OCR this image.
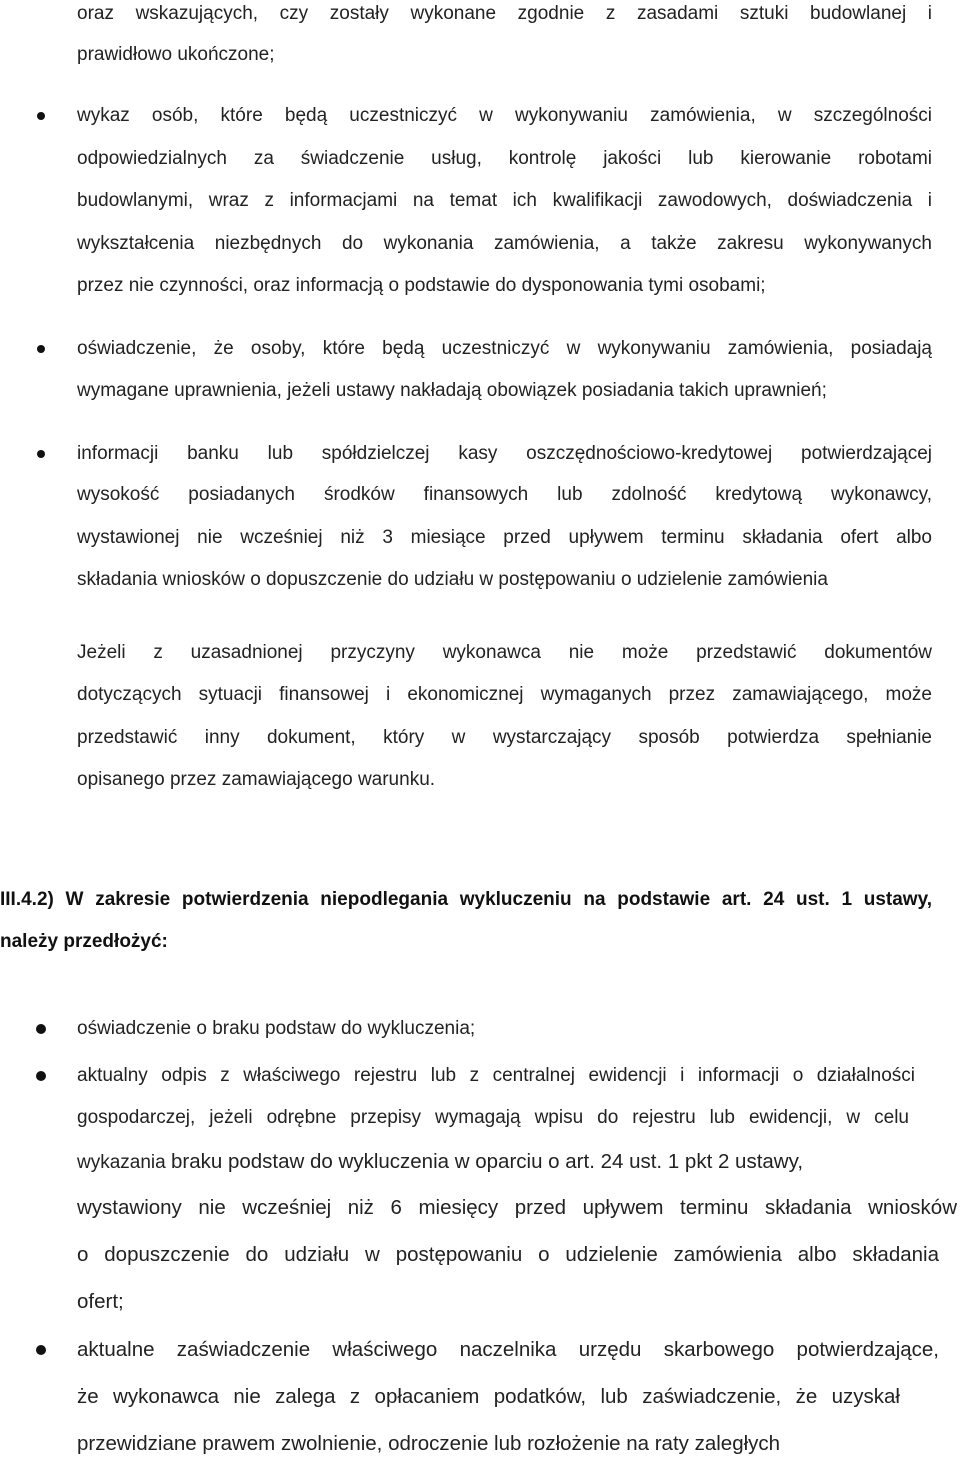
oraz wskazujących, czy zostały wykonane zgodnie z zasadami sztuki budowlanej i
prawidłowo ukończone;
wykaz osób, które będą uczestniczyć w wykonywaniu zamówienia, w szczególności
odpowiedzialnych za świadczenie usług, kontrolę jakości lub kierowanie robotami
budowlanymi, wraz z informacjami na temat ich kwalifikacji zawodowych, doświadczenia i
wykształcenia niezbędnych do wykonania zamówienia, a także zakresu wykonywanych
przez nie czynności, oraz informacją o podstawie do dysponowania tymi osobami;
oświadczenie, że osoby, które będą uczestniczyć w wykonywaniu zamówienia, posiadają
wymagane uprawnienia, jeżeli ustawy nakładają obowiązek posiadania takich uprawnień;
informacji banku lub spółdzielczej kasy oszczędnościowo-kredytowej potwierdzającej
wysokość posiadanych środków finansowych lub zdolność kredytową wykonawcy,
wystawionej nie wcześniej niż 3 miesiące przed upływem terminu składania ofert albo
składania wniosków o dopuszczenie do udziału w postępowaniu o udzielenie zamówienia
Jeżeli z uzasadnionej przyczyny wykonawca nie może przedstawić dokumentów
dotyczących sytuacji finansowej i ekonomicznej wymaganych przez zamawiającego, może
przedstawić inny dokument, który w wystarczający sposób potwierdza spełnianie
opisanego przez zamawiającego warunku.
III.4.2) W zakresie potwierdzenia niepodlegania wykluczeniu na podstawie art. 24 ust. 1 ustawy,
należy przedłożyć:
oświadczenie o braku podstaw do wykluczenia;
aktualny odpis z właściwego rejestru lub z centralnej ewidencji i informacji o działalności
gospodarczej, jeżeli odrębne przepisy wymagają wpisu do rejestru lub ewidencji, w celu
wykazania braku podstaw do wykluczenia w oparciu o art. 24 ust. 1 pkt 2 ustawy,
wystawiony nie wcześniej niż 6 miesięcy przed upływem terminu składania wniosków
o dopuszczenie do udziału w postępowaniu o udzielenie zamówienia albo składania
ofert;
aktualne zaświadczenie właściwego naczelnika urzędu skarbowego potwierdzające,
że wykonawca nie zalega z opłacaniem podatków, lub zaświadczenie, że uzyskał
przewidziane prawem zwolnienie, odroczenie lub rozłożenie na raty zaległych
